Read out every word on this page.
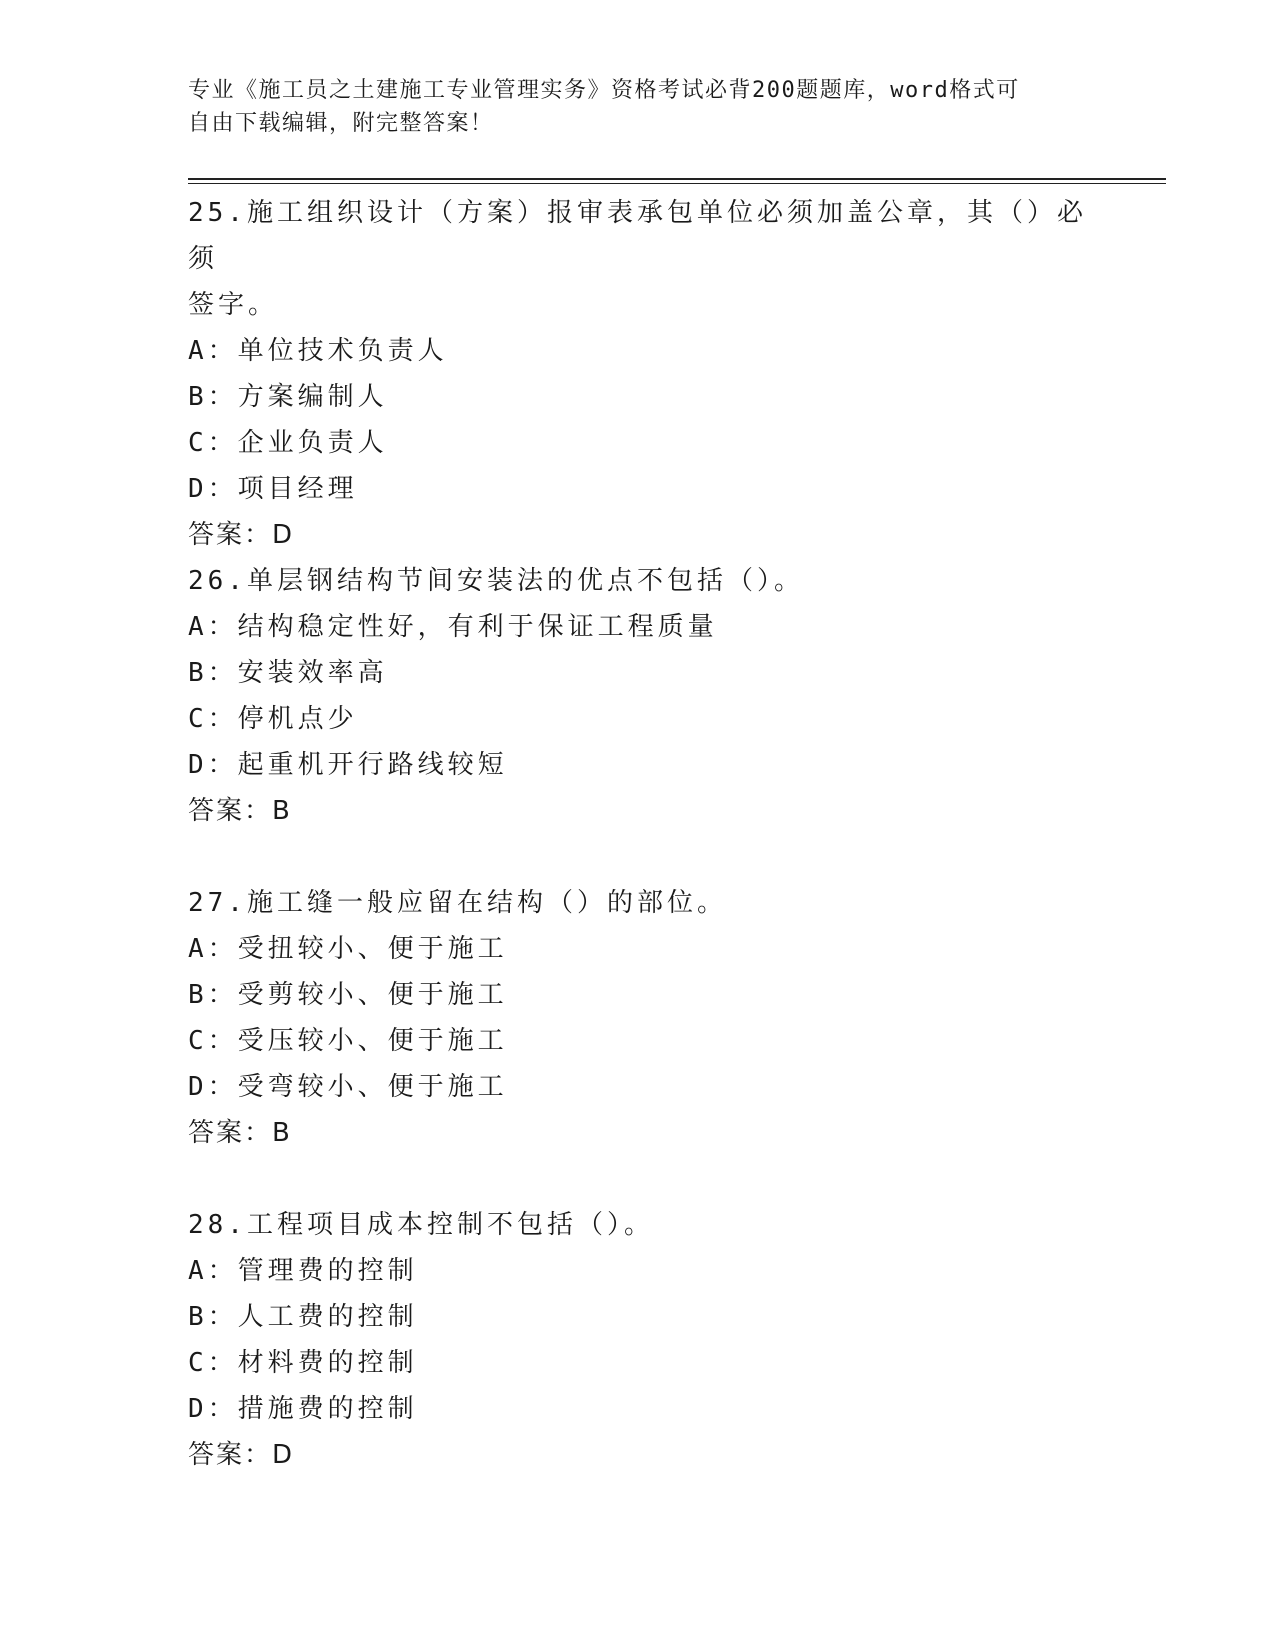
专业《施工员之土建施工专业管理实务》资格考试必背200题题库，word格式可
自由下载编辑，附完整答案！
25.施工组织设计（方案）报审表承包单位必须加盖公章，其（）必须
签字。
A：单位技术负责人
B：方案编制人
C：企业负责人
D：项目经理
答案：D
26.单层钢结构节间安装法的优点不包括（）。
A：结构稳定性好，有利于保证工程质量
B：安装效率高
C：停机点少
D：起重机开行路线较短
答案：B
27.施工缝一般应留在结构（）的部位。
A：受扭较小、便于施工
B：受剪较小、便于施工
C：受压较小、便于施工
D：受弯较小、便于施工
答案：B
28.工程项目成本控制不包括（）。
A：管理费的控制
B：人工费的控制
C：材料费的控制
D：措施费的控制
答案：D
